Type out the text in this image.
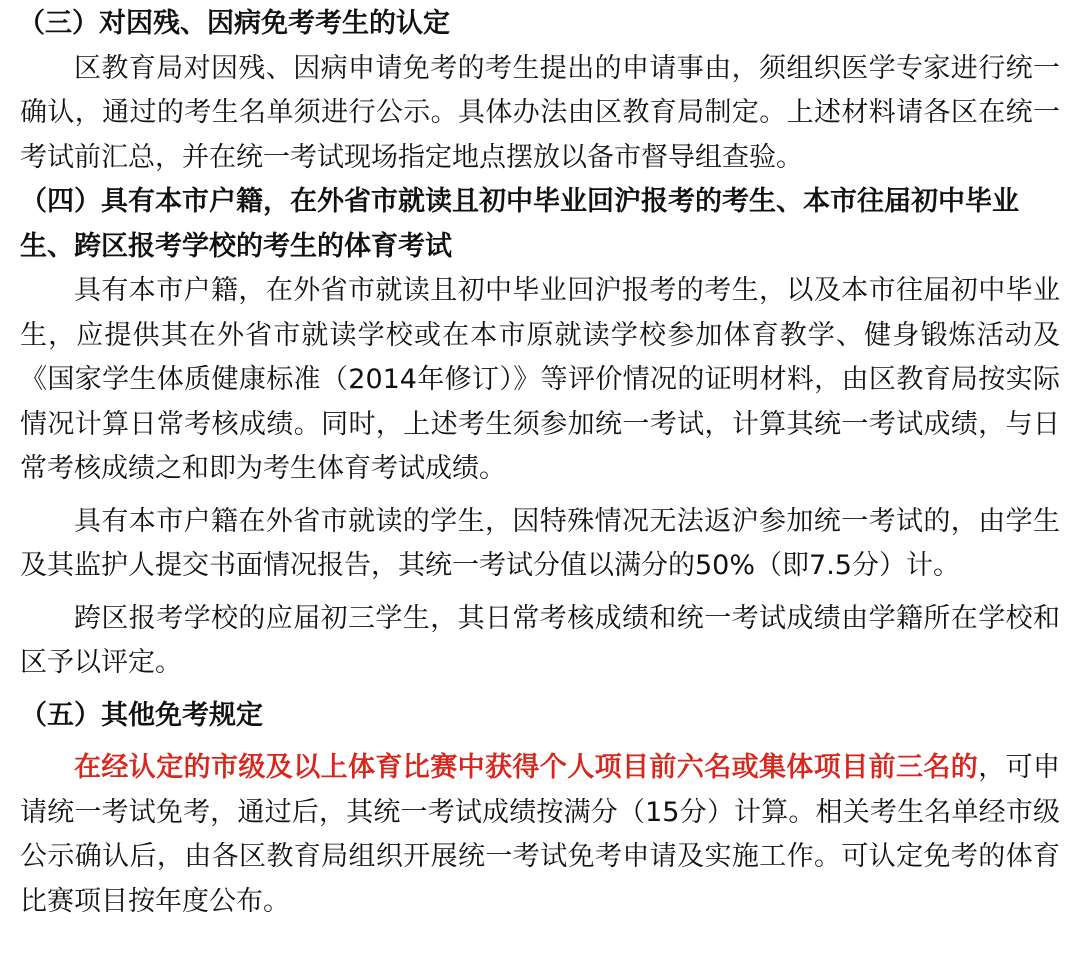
（三）对因残、因病免考考生的认定

区教育局对因残、因病申请免考的考生提出的申请事由，须组织医学专家进行统一确认，通过的考生名单须进行公示。具体办法由区教育局制定。上述材料请各区在统一考试前汇总，并在统一考试现场指定地点摆放以备市督导组查验。

（四）具有本市户籍，在外省市就读且初中毕业回沪报考的考生、本市往届初中毕业生、跨区报考学校的考生的体育考试

具有本市户籍，在外省市就读且初中毕业回沪报考的考生，以及本市往届初中毕业生，应提供其在外省市就读学校或在本市原就读学校参加体育教学、健身锻炼活动及《国家学生体质健康标准（2014年修订）》等评价情况的证明材料，由区教育局按实际情况计算日常考核成绩。同时，上述考生须参加统一考试，计算其统一考试成绩，与日常考核成绩之和即为考生体育考试成绩。

具有本市户籍在外省市就读的学生，因特殊情况无法返沪参加统一考试的，由学生及其监护人提交书面情况报告，其统一考试分值以满分的50%（即7.5分）计。

跨区报考学校的应届初三学生，其日常考核成绩和统一考试成绩由学籍所在学校和区予以评定。

（五）其他免考规定

在经认定的市级及以上体育比赛中获得个人项目前六名或集体项目前三名的，可申请统一考试免考，通过后，其统一考试成绩按满分（15分）计算。相关考生名单经市级公示确认后，由各区教育局组织开展统一考试免考申请及实施工作。可认定免考的体育比赛项目按年度公布。
